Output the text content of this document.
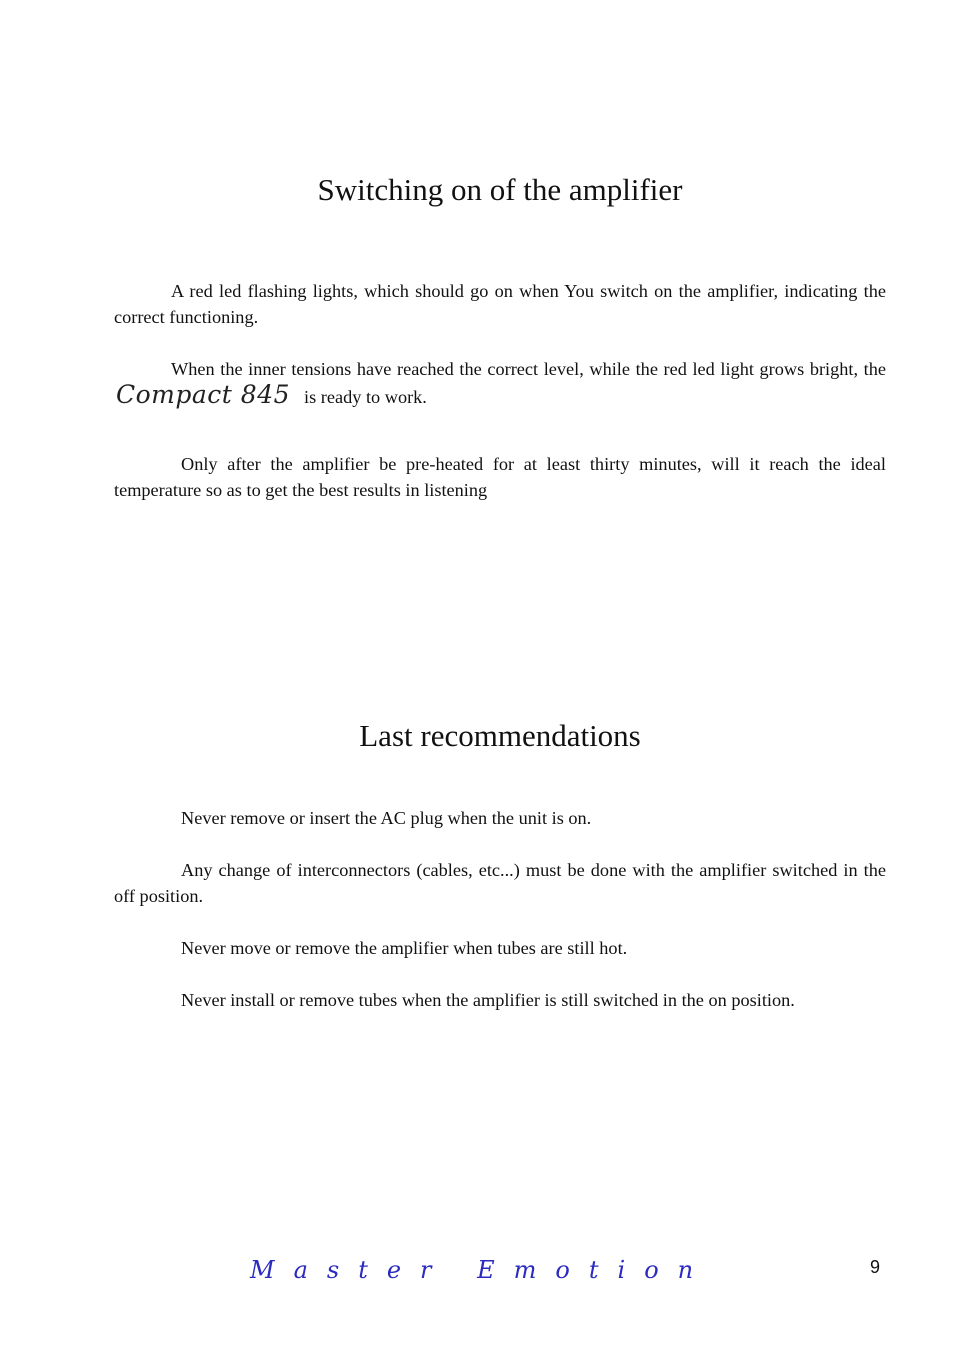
Switching on of the amplifier

A red led flashing lights, which should go on when You switch on the amplifier, indicating the correct functioning.

When the inner tensions have reached the correct level, while the red led light grows bright, the Compact 845 is ready to work.

Only after the amplifier be pre-heated for at least thirty minutes, will it reach the ideal temperature so as to get the best results in listening

Last recommendations

Never remove or insert the AC plug when the unit is on.

Any change of interconnectors (cables, etc...) must be done with the amplifier switched in the off position.

Never move or remove the amplifier when tubes are still hot.

Never install or remove tubes when the amplifier is still switched in the on position.

Master Emotion	9
